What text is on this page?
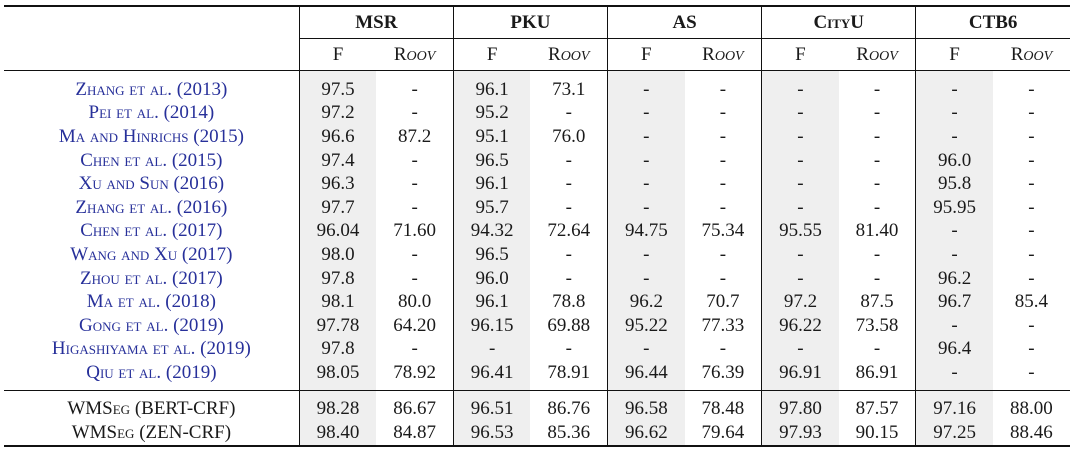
	MSR		PKU		AS		CityU		CTB6	
	F	ROOV	F	ROOV	F	ROOV	F	ROOV	F	ROOV
Zhang et al. (2013)	97.5	-	96.1	73.1	-	-	-	-	-	-
Pei et al. (2014)	97.2	-	95.2	-	-	-	-	-	-	-
Ma and Hinrichs (2015)	96.6	87.2	95.1	76.0	-	-	-	-	-	-
Chen et al. (2015)	97.4	-	96.5	-	-	-	-	-	96.0	-
Xu and Sun (2016)	96.3	-	96.1	-	-	-	-	-	95.8	-
Zhang et al. (2016)	97.7	-	95.7	-	-	-	-	-	95.95	-
Chen et al. (2017)	96.04	71.60	94.32	72.64	94.75	75.34	95.55	81.40	-	-
Wang and Xu (2017)	98.0	-	96.5	-	-	-	-	-	-	-
Zhou et al. (2017)	97.8	-	96.0	-	-	-	-	-	96.2	-
Ma et al. (2018)	98.1	80.0	96.1	78.8	96.2	70.7	97.2	87.5	96.7	85.4
Gong et al. (2019)	97.78	64.20	96.15	69.88	95.22	77.33	96.22	73.58	-	-
Higashiyama et al. (2019)	97.8	-	-	-	-	-	-	-	96.4	-
Qiu et al. (2019)	98.05	78.92	96.41	78.91	96.44	76.39	96.91	86.91	-	-
WMSeg (BERT-CRF)	98.28	86.67	96.51	86.76	96.58	78.48	97.80	87.57	97.16	88.00
WMSeg (ZEN-CRF)	98.40	84.87	96.53	85.36	96.62	79.64	97.93	90.15	97.25	88.46
